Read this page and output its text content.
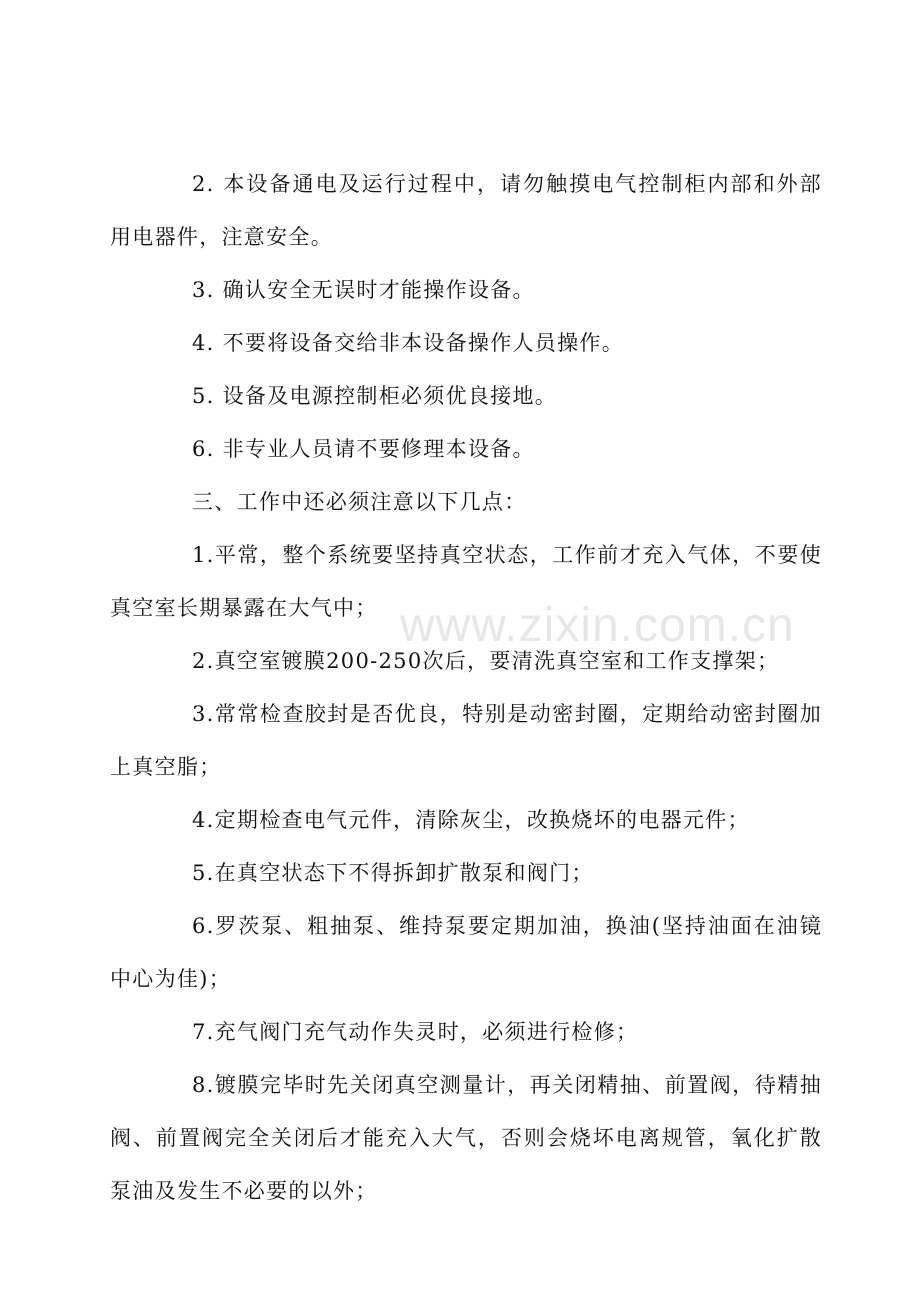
2. 本设备通电及运行过程中，请勿触摸电气控制柜内部和外部用电器件，注意安全。

3. 确认安全无误时才能操作设备。

4. 不要将设备交给非本设备操作人员操作。

5. 设备及电源控制柜必须优良接地。

6. 非专业人员请不要修理本设备。

三、工作中还必须注意以下几点：

1.平常，整个系统要坚持真空状态，工作前才充入气体，不要使真空室长期暴露在大气中；

2.真空室镀膜200-250次后，要清洗真空室和工作支撑架；

3.常常检查胶封是否优良，特别是动密封圈，定期给动密封圈加上真空脂；

4.定期检查电气元件，清除灰尘，改换烧坏的电器元件；

5.在真空状态下不得拆卸扩散泵和阀门；

6.罗茨泵、粗抽泵、维持泵要定期加油，换油(坚持油面在油镜中心为佳)；

7.充气阀门充气动作失灵时，必须进行检修；

8.镀膜完毕时先关闭真空测量计，再关闭精抽、前置阀，待精抽阀、前置阀完全关闭后才能充入大气，否则会烧坏电离规管，氧化扩散泵油及发生不必要的以外；

www.zixin.com.cn
